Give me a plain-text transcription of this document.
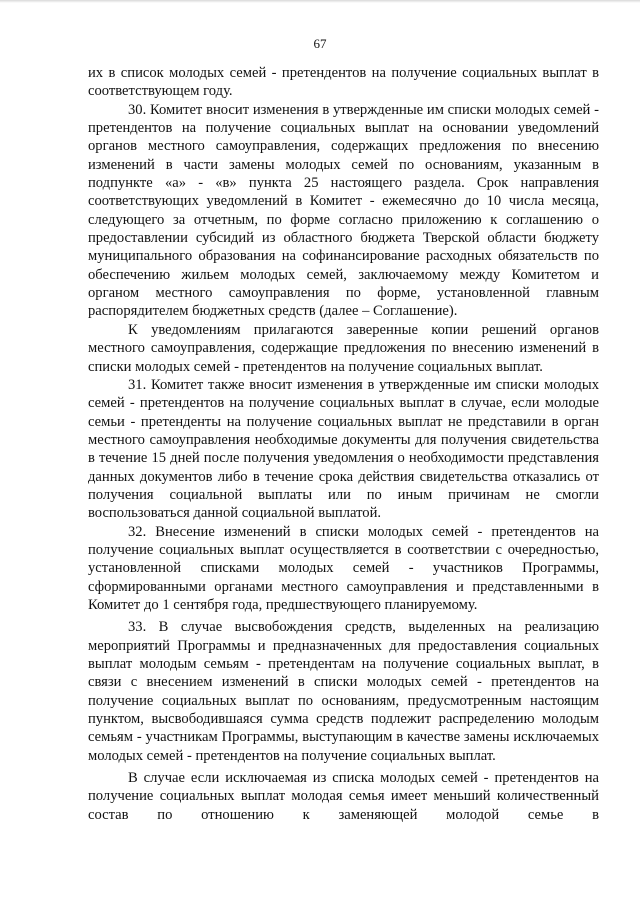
67

их в список молодых семей - претендентов на получение социальных выплат в соответствующем году.

30. Комитет вносит изменения в утвержденные им списки молодых семей - претендентов на получение социальных выплат на основании уведомлений органов местного самоуправления, содержащих предложения по внесению изменений в части замены молодых семей по основаниям, указанным в подпункте «а» - «в» пункта 25 настоящего раздела. Срок направления соответствующих уведомлений в Комитет - ежемесячно до 10 числа месяца, следующего за отчетным, по форме согласно приложению к соглашению о предоставлении субсидий из областного бюджета Тверской области бюджету муниципального образования на софинансирование расходных обязательств по обеспечению жильем молодых семей, заключаемому между Комитетом и органом местного самоуправления по форме, установленной главным распорядителем бюджетных средств (далее – Соглашение).

К уведомлениям прилагаются заверенные копии решений органов местного самоуправления, содержащие предложения по внесению изменений в списки молодых семей - претендентов на получение социальных выплат.

31. Комитет также вносит изменения в утвержденные им списки молодых семей - претендентов на получение социальных выплат в случае, если молодые семьи - претенденты на получение социальных выплат не представили в орган местного самоуправления необходимые документы для получения свидетельства в течение 15 дней после получения уведомления о необходимости представления данных документов либо в течение срока действия свидетельства отказались от получения социальной выплаты или по иным причинам не смогли воспользоваться данной социальной выплатой.

32. Внесение изменений в списки молодых семей - претендентов на получение социальных выплат осуществляется в соответствии с очередностью, установленной списками молодых семей - участников Программы, сформированными органами местного самоуправления и представленными в Комитет до 1 сентября года, предшествующего планируемому.

33. В случае высвобождения средств, выделенных на реализацию мероприятий Программы и предназначенных для предоставления социальных выплат молодым семьям - претендентам на получение социальных выплат, в связи с внесением изменений в списки молодых семей - претендентов на получение социальных выплат по основаниям, предусмотренным настоящим пунктом, высвободившаяся сумма средств подлежит распределению молодым семьям - участникам Программы, выступающим в качестве замены исключаемых молодых семей - претендентов на получение социальных выплат.

В случае если исключаемая из списка молодых семей - претендентов на получение социальных выплат молодая семья имеет меньший количественный состав по отношению к заменяющей молодой семье в
